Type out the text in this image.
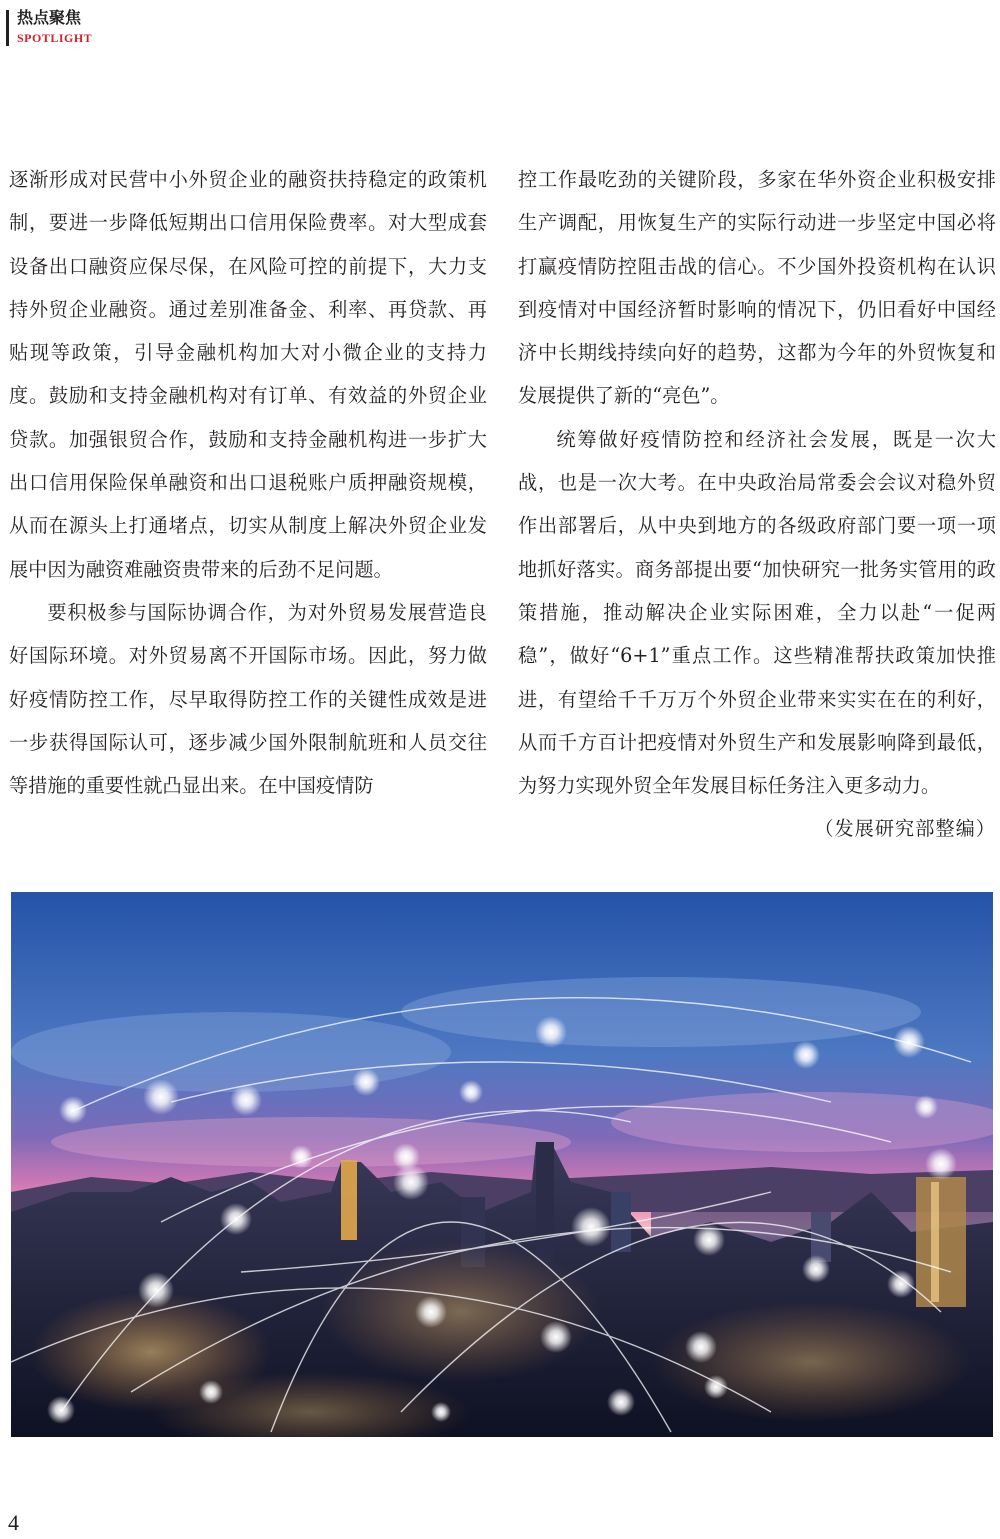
热点聚焦
SPOTLIGHT

逐渐形成对民营中小外贸企业的融资扶持稳定的政策机制，要进一步降低短期出口信用保险费率。对大型成套设备出口融资应保尽保，在风险可控的前提下，大力支持外贸企业融资。通过差别准备金、利率、再贷款、再贴现等政策，引导金融机构加大对小微企业的支持力度。鼓励和支持金融机构对有订单、有效益的外贸企业贷款。加强银贸合作，鼓励和支持金融机构进一步扩大出口信用保险保单融资和出口退税账户质押融资规模，从而在源头上打通堵点，切实从制度上解决外贸企业发展中因为融资难融资贵带来的后劲不足问题。

要积极参与国际协调合作，为对外贸易发展营造良好国际环境。对外贸易离不开国际市场。因此，努力做好疫情防控工作，尽早取得防控工作的关键性成效是进一步获得国际认可，逐步减少国外限制航班和人员交往等措施的重要性就凸显出来。在中国疫情防

控工作最吃劲的关键阶段，多家在华外资企业积极安排生产调配，用恢复生产的实际行动进一步坚定中国必将打赢疫情防控阻击战的信心。不少国外投资机构在认识到疫情对中国经济暂时影响的情况下，仍旧看好中国经济中长期线持续向好的趋势，这都为今年的外贸恢复和发展提供了新的“亮色”。

统筹做好疫情防控和经济社会发展，既是一次大战，也是一次大考。在中央政治局常委会会议对稳外贸作出部署后，从中央到地方的各级政府部门要一项一项地抓好落实。商务部提出要“加快研究一批务实管用的政策措施，推动解决企业实际困难，全力以赴“一促两稳”，做好“6+1”重点工作。这些精准帮扶政策加快推进，有望给千千万万个外贸企业带来实实在在的利好，从而千方百计把疫情对外贸生产和发展影响降到最低，为努力实现外贸全年发展目标任务注入更多动力。
（发展研究部整编）

4
